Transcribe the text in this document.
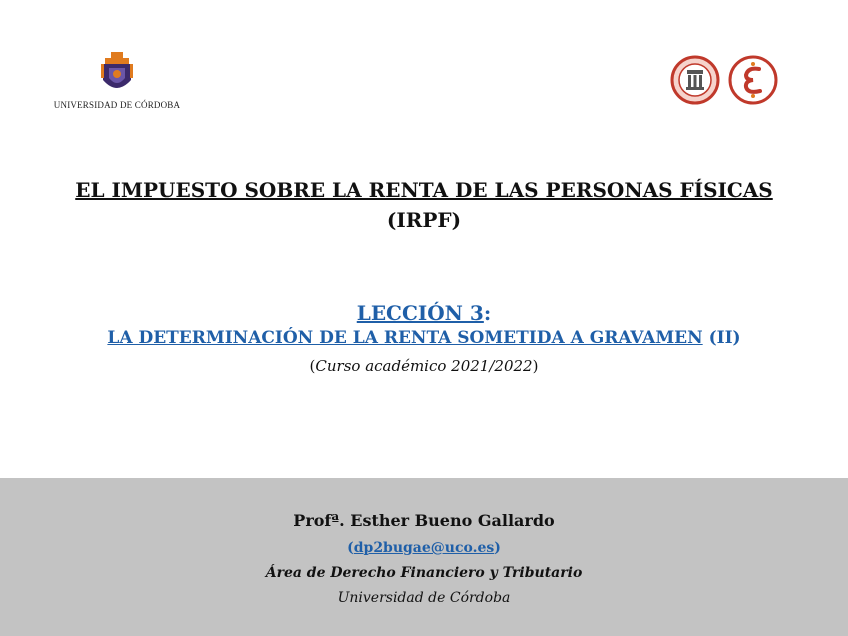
UNIVERSIDAD DE CÓRDOBA
EL IMPUESTO SOBRE LA RENTA DE LAS PERSONAS FÍSICAS
(IRPF)
LECCIÓN 3:
LA DETERMINACIÓN DE LA RENTA SOMETIDA A GRAVAMEN (II)
(Curso académico 2021/2022)
Profª. Esther Bueno Gallardo
(dp2bugae@uco.es)
Área de Derecho Financiero y Tributario
Universidad de Córdoba
